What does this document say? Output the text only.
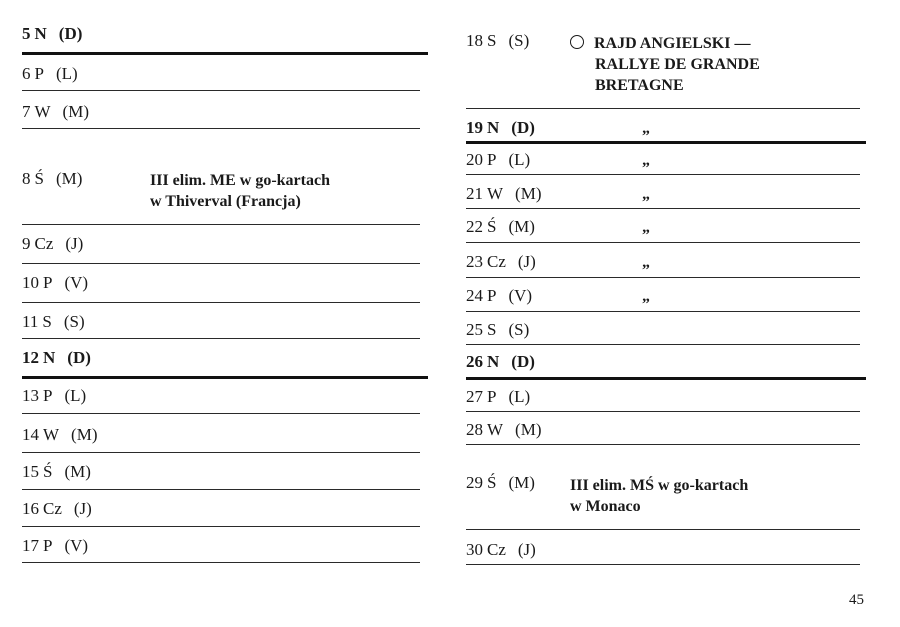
5 N (D)
6 P (L)
7 W (M)
8 Ś (M)	III elim. ME w go-kartach
w Thiverval (Francja)
9 Cz (J)
10 P (V)
11 S (S)
12 N (D)
13 P (L)
14 W (M)
15 Ś (M)
16 Cz (J)
17 P (V)
18 S (S)	RAJD ANGIELSKI —
RALLYE DE GRANDE
BRETAGNE
19 N (D)	„
20 P (L)	„
21 W (M)	„
22 Ś (M)	„
23 Cz (J)	„
24 P (V)	„
25 S (S)
26 N (D)
27 P (L)
28 W (M)
29 Ś (M) III elim. MŚ w go-kartach
w Monaco
30 Cz (J)
45
